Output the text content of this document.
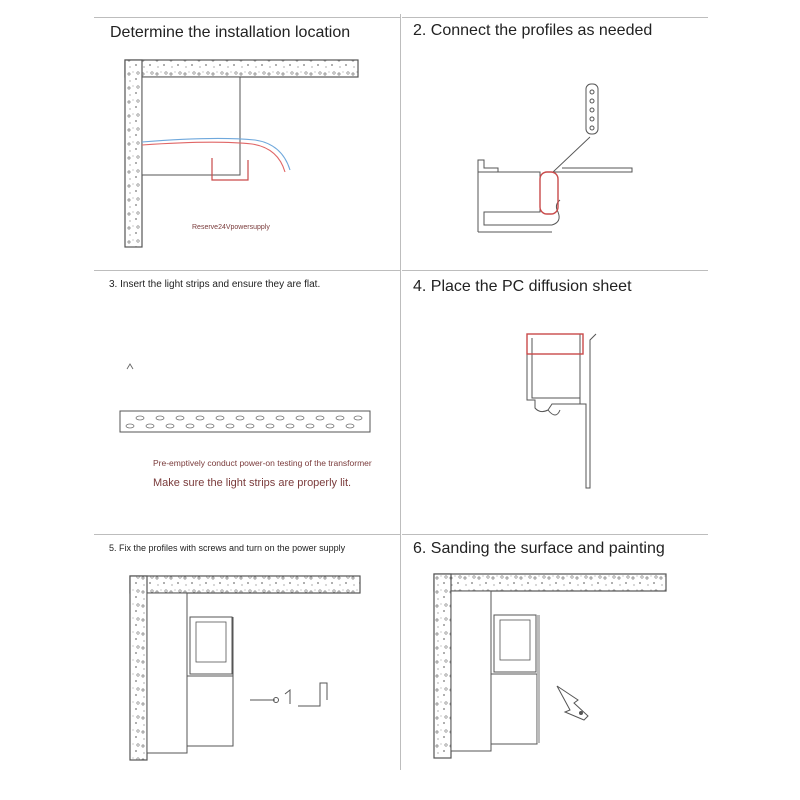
Determine the installation location
Reserve24Vpowersupply
2. Connect the profiles as needed
3. Insert the light strips and ensure they are flat.
Pre-emptively conduct power-on testing of the transformer
Make sure the light strips are properly lit.
4. Place the PC diffusion sheet
5. Fix the profiles with screws and turn on the power supply	6. Sanding the surface and painting
